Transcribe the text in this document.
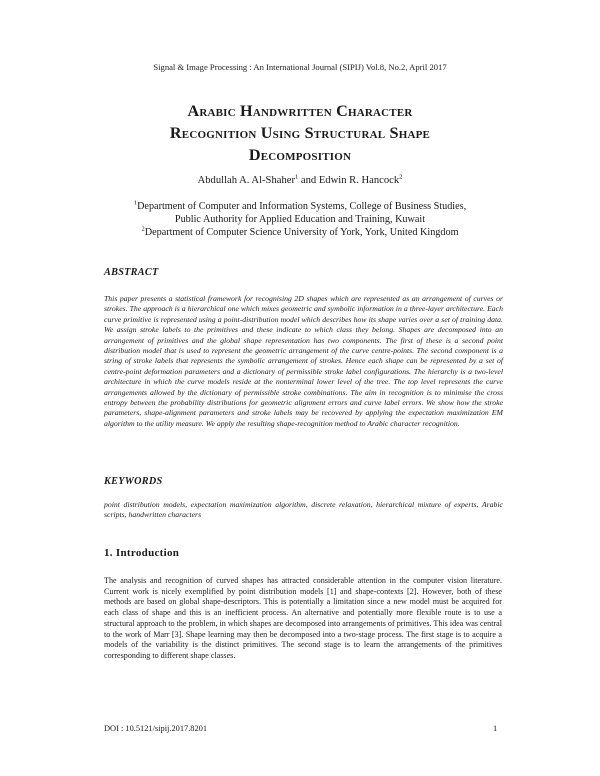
Signal & Image Processing : An International Journal (SIPIJ) Vol.8, No.2, April 2017
Arabic Handwritten Character
Recognition Using Structural Shape
Decomposition
Abdullah A. Al-Shaher$^1$ and Edwin R. Hancock$^2$
$^1$Department of Computer and Information Systems, College of Business Studies,
Public Authority for Applied Education and Training, Kuwait
$^2$Department of Computer Science University of York, York, United Kingdom
ABSTRACT
This paper presents a statistical framework for recognising 2D shapes which are represented as an arrangement of curves or strokes. The approach is a hierarchical one which mixes geometric and symbolic information in a three-layer architecture. Each curve primitive is represented using a point-distribution model which describes how its shape varies over a set of training data. We assign stroke labels to the primitives and these indicate to which class they belong. Shapes are decomposed into an arrangement of primitives and the global shape representation has two components. The first of these is a second point distribution model that is used to represent the geometric arrangement of the curve centre-points. The second component is a string of stroke labels that represents the symbolic arrangement of strokes. Hence each shape can be represented by a set of centre-point deformation parameters and a dictionary of permissible stroke label configurations. The hierarchy is a two-level architecture in which the curve models reside at the nonterminal lower level of the tree. The top level represents the curve arrangements allowed by the dictionary of permissible stroke combinations. The aim in recognition is to minimise the cross entropy between the probability distributions for geometric alignment errors and curve label errors. We show how the stroke parameters, shape-alignment parameters and stroke labels may be recovered by applying the expectation maximization EM algorithm to the utility measure. We apply the resulting shape-recognition method to Arabic character recognition.
KEYWORDS
point distribution models, expectation maximization algorithm, discrete relaxation, hierarchical mixture of experts, Arabic scripts, handwritten characters
1. Introduction
The analysis and recognition of curved shapes has attracted considerable attention in the computer vision literature. Current work is nicely exemplified by point distribution models [1] and shape-contexts [2]. However, both of these methods are based on global shape-descriptors. This is potentially a limitation since a new model must be acquired for each class of shape and this is an inefficient process. An alternative and potentially more flexible route is to use a structural approach to the problem, in which shapes are decomposed into arrangements of primitives. This idea was central to the work of Marr [3]. Shape learning may then be decomposed into a two-stage process. The first stage is to acquire a models of the variability is the distinct primitives. The second stage is to learn the arrangements of the primitives corresponding to different shape classes.
DOI : 10.5121/sipij.2017.8201	1
